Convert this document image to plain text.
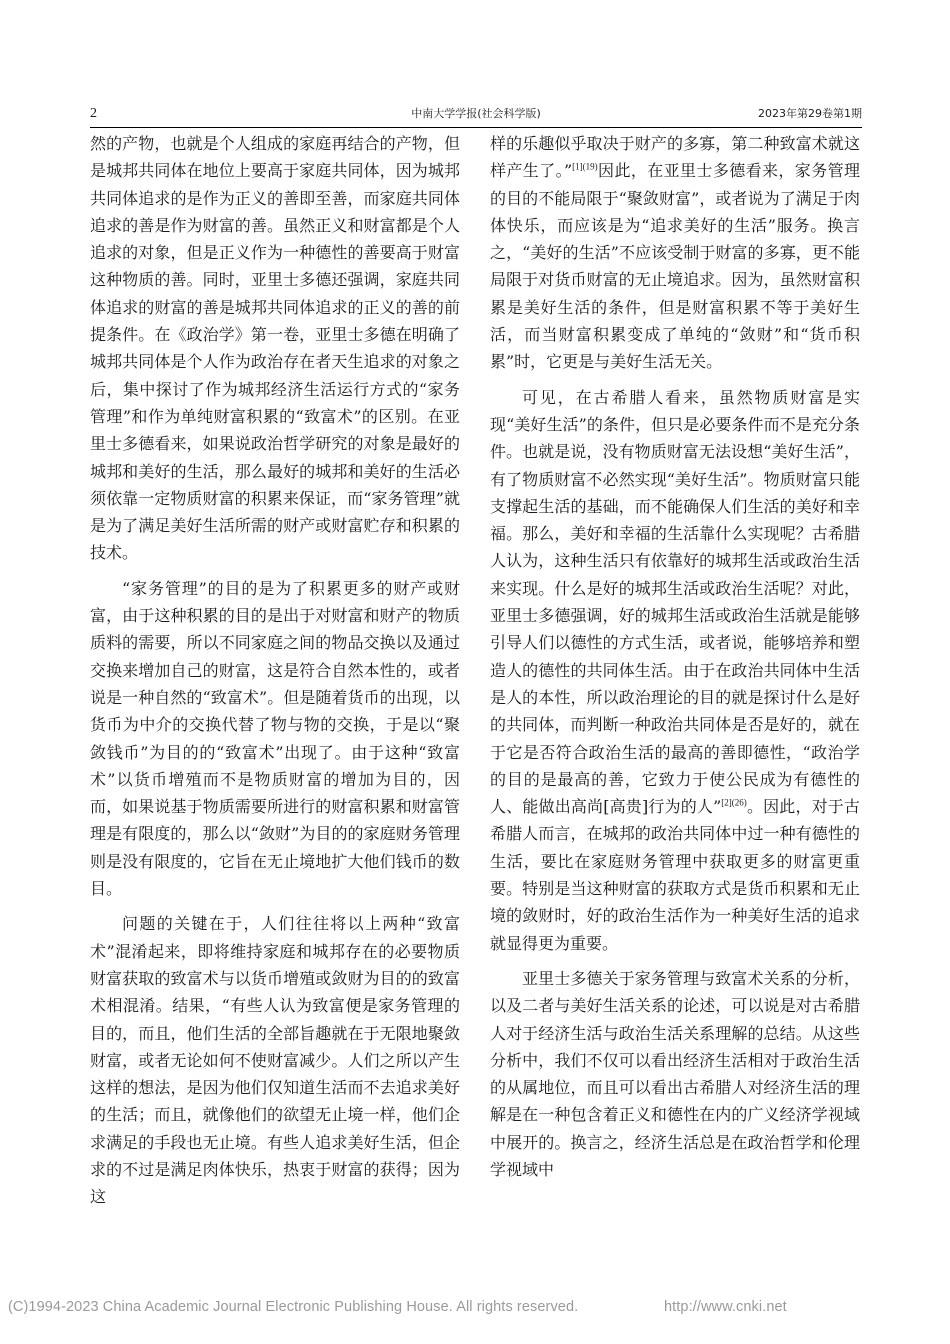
2	中南大学学报(社会科学版)	2023年第29卷第1期

然的产物，也就是个人组成的家庭再结合的产物，但是城邦共同体在地位上要高于家庭共同体，因为城邦共同体追求的是作为正义的善即至善，而家庭共同体追求的善是作为财富的善。虽然正义和财富都是个人追求的对象，但是正义作为一种德性的善要高于财富这种物质的善。同时，亚里士多德还强调，家庭共同体追求的财富的善是城邦共同体追求的正义的善的前提条件。在《政治学》第一卷，亚里士多德在明确了城邦共同体是个人作为政治存在者天生追求的对象之后，集中探讨了作为城邦经济生活运行方式的“家务管理”和作为单纯财富积累的“致富术”的区别。在亚里士多德看来，如果说政治哲学研究的对象是最好的城邦和美好的生活，那么最好的城邦和美好的生活必须依靠一定物质财富的积累来保证，而“家务管理”就是为了满足美好生活所需的财产或财富贮存和积累的技术。

“家务管理”的目的是为了积累更多的财产或财富，由于这种积累的目的是出于对财富和财产的物质质料的需要，所以不同家庭之间的物品交换以及通过交换来增加自己的财富，这是符合自然本性的，或者说是一种自然的“致富术”。但是随着货币的出现，以货币为中介的交换代替了物与物的交换，于是以“聚敛钱币”为目的的“致富术”出现了。由于这种“致富术”以货币增殖而不是物质财富的增加为目的，因而，如果说基于物质需要所进行的财富积累和财富管理是有限度的，那么以“敛财”为目的的家庭财务管理则是没有限度的，它旨在无止境地扩大他们钱币的数目。

问题的关键在于，人们往往将以上两种“致富术”混淆起来，即将维持家庭和城邦存在的必要物质财富获取的致富术与以货币增殖或敛财为目的的致富术相混淆。结果，“有些人认为致富便是家务管理的目的，而且，他们生活的全部旨趣就在于无限地聚敛财富，或者无论如何不使财富减少。人们之所以产生这样的想法，是因为他们仅知道生活而不去追求美好的生活；而且，就像他们的欲望无止境一样，他们企求满足的手段也无止境。有些人追求美好生活，但企求的不过是满足肉体快乐，热衷于财富的获得；因为这

样的乐趣似乎取决于财产的多寡，第二种致富术就这样产生了。”$^{[1](19)}$因此，在亚里士多德看来，家务管理的目的不能局限于“聚敛财富”，或者说为了满足于肉体快乐，而应该是为“追求美好的生活”服务。换言之，“美好的生活”不应该受制于财富的多寡，更不能局限于对货币财富的无止境追求。因为，虽然财富积累是美好生活的条件，但是财富积累不等于美好生活，而当财富积累变成了单纯的“敛财”和“货币积累”时，它更是与美好生活无关。

可见，在古希腊人看来，虽然物质财富是实现“美好生活”的条件，但只是必要条件而不是充分条件。也就是说，没有物质财富无法设想“美好生活”，有了物质财富不必然实现“美好生活”。物质财富只能支撑起生活的基础，而不能确保人们生活的美好和幸福。那么，美好和幸福的生活靠什么实现呢？古希腊人认为，这种生活只有依靠好的城邦生活或政治生活来实现。什么是好的城邦生活或政治生活呢？对此，亚里士多德强调，好的城邦生活或政治生活就是能够引导人们以德性的方式生活，或者说，能够培养和塑造人的德性的共同体生活。由于在政治共同体中生活是人的本性，所以政治理论的目的就是探讨什么是好的共同体，而判断一种政治共同体是否是好的，就在于它是否符合政治生活的最高的善即德性，“政治学的目的是最高的善，它致力于使公民成为有德性的人、能做出高尚[高贵]行为的人”$^{[2](26)}$。因此，对于古希腊人而言，在城邦的政治共同体中过一种有德性的生活，要比在家庭财务管理中获取更多的财富更重要。特别是当这种财富的获取方式是货币积累和无止境的敛财时，好的政治生活作为一种美好生活的追求就显得更为重要。

亚里士多德关于家务管理与致富术关系的分析，以及二者与美好生活关系的论述，可以说是对古希腊人对于经济生活与政治生活关系理解的总结。从这些分析中，我们不仅可以看出经济生活相对于政治生活的从属地位，而且可以看出古希腊人对经济生活的理解是在一种包含着正义和德性在内的广义经济学视域中展开的。换言之，经济生活总是在政治哲学和伦理学视域中

(C)1994-2023 China Academic Journal Electronic Publishing House. All rights reserved.	http://www.cnki.net
